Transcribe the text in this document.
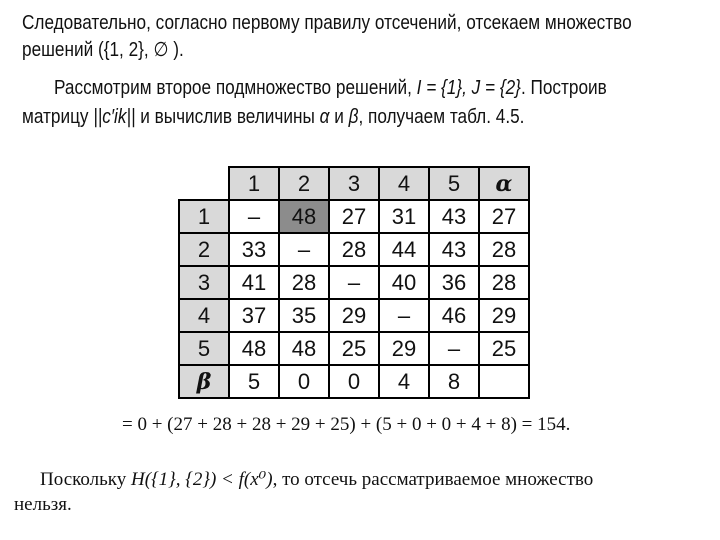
Следовательно, согласно первому правилу отсечений, отсекаем множество
решений ({1, 2}, ∅ ).
Рассмотрим второе подмножество решений, I = {1}, J = {2}. Построив
матрицу ||c′ik|| и вычислив величины α и β, получаем табл. 4.5.
	1	2	3	4	5	α
1	–	48	27	31	43	27
2	33	–	28	44	43	28
3	41	28	–	40	36	28
4	37	35	29	–	46	29
5	48	48	25	29	–	25
β	5	0	0	4	8	
= 0 + (27 + 28 + 28 + 29 + 25) + (5 + 0 + 0 + 4 + 8) = 154.
Поскольку H({1}, {2}) < f(x⁰), то отсечь рассматриваемое множество
нельзя.
